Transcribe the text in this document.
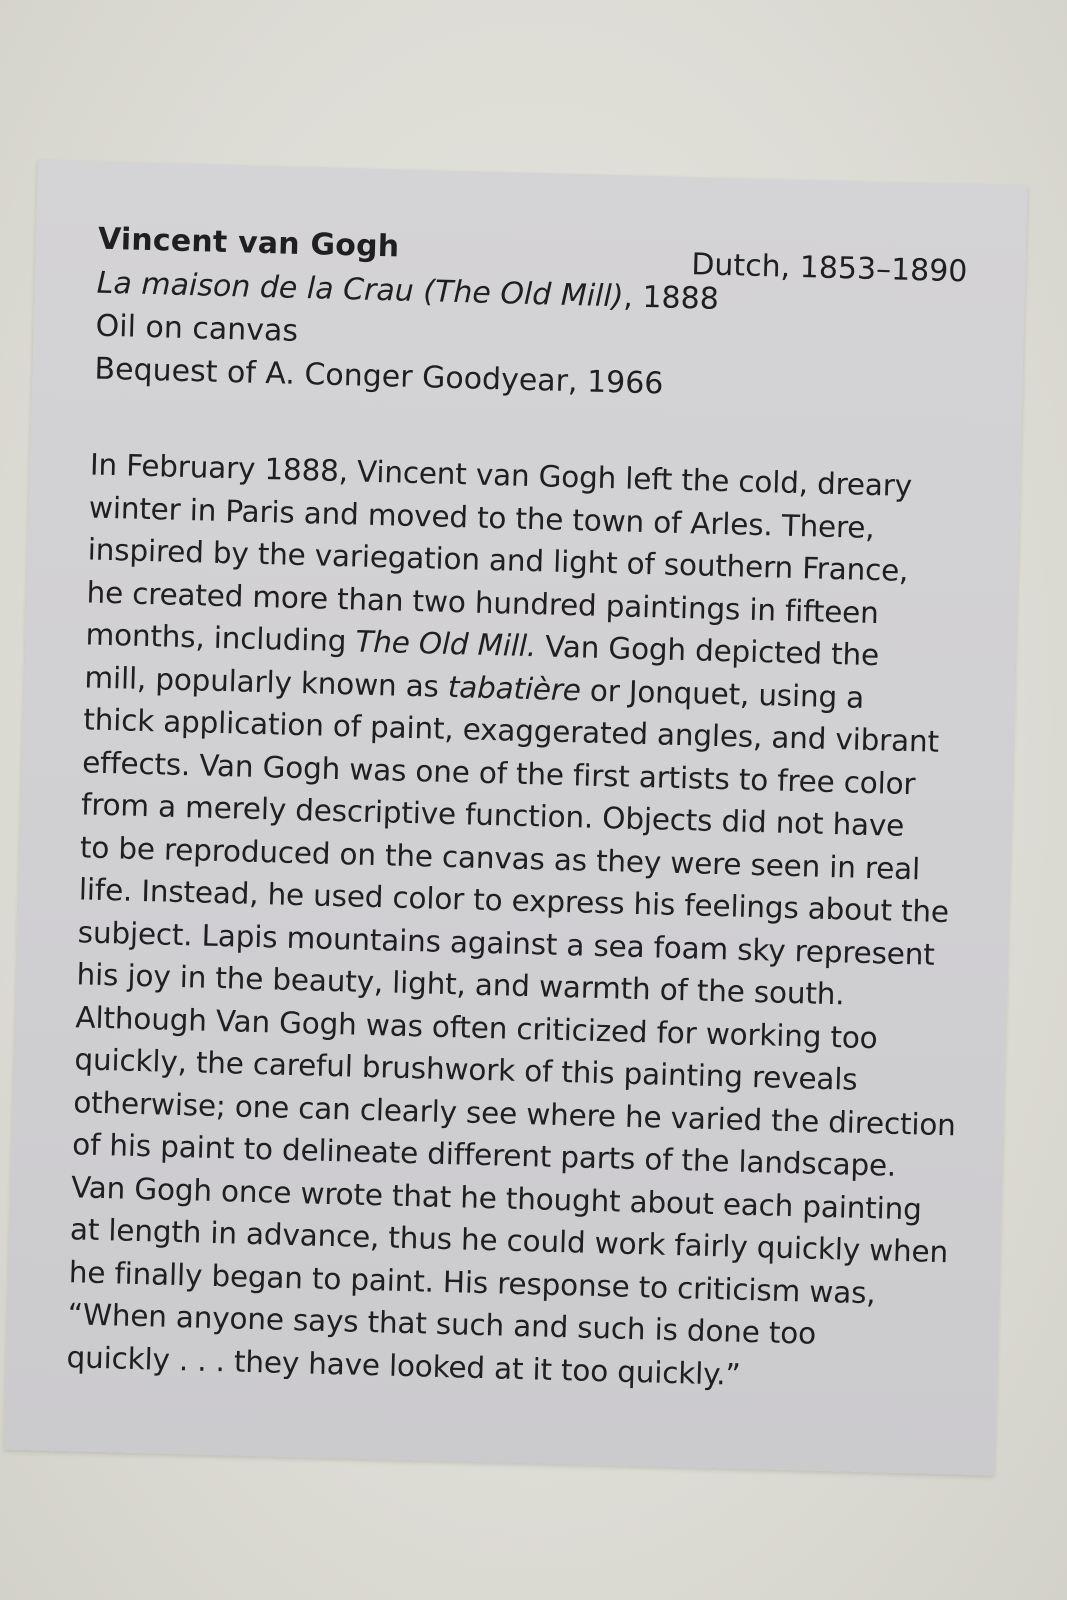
Vincent van Gogh
Dutch, 1853–1890
La maison de la Crau (The Old Mill), 1888
Oil on canvas
Bequest of A. Conger Goodyear, 1966
In February 1888, Vincent van Gogh left the cold, dreary
winter in Paris and moved to the town of Arles. There,
inspired by the variegation and light of southern France,
he created more than two hundred paintings in fifteen
months, including The Old Mill. Van Gogh depicted the
mill, popularly known as tabatière or Jonquet, using a
thick application of paint, exaggerated angles, and vibrant
effects. Van Gogh was one of the first artists to free color
from a merely descriptive function. Objects did not have
to be reproduced on the canvas as they were seen in real
life. Instead, he used color to express his feelings about the
subject. Lapis mountains against a sea foam sky represent
his joy in the beauty, light, and warmth of the south.
Although Van Gogh was often criticized for working too
quickly, the careful brushwork of this painting reveals
otherwise; one can clearly see where he varied the direction
of his paint to delineate different parts of the landscape.
Van Gogh once wrote that he thought about each painting
at length in advance, thus he could work fairly quickly when
he finally began to paint. His response to criticism was,
“When anyone says that such and such is done too
quickly . . . they have looked at it too quickly.”
